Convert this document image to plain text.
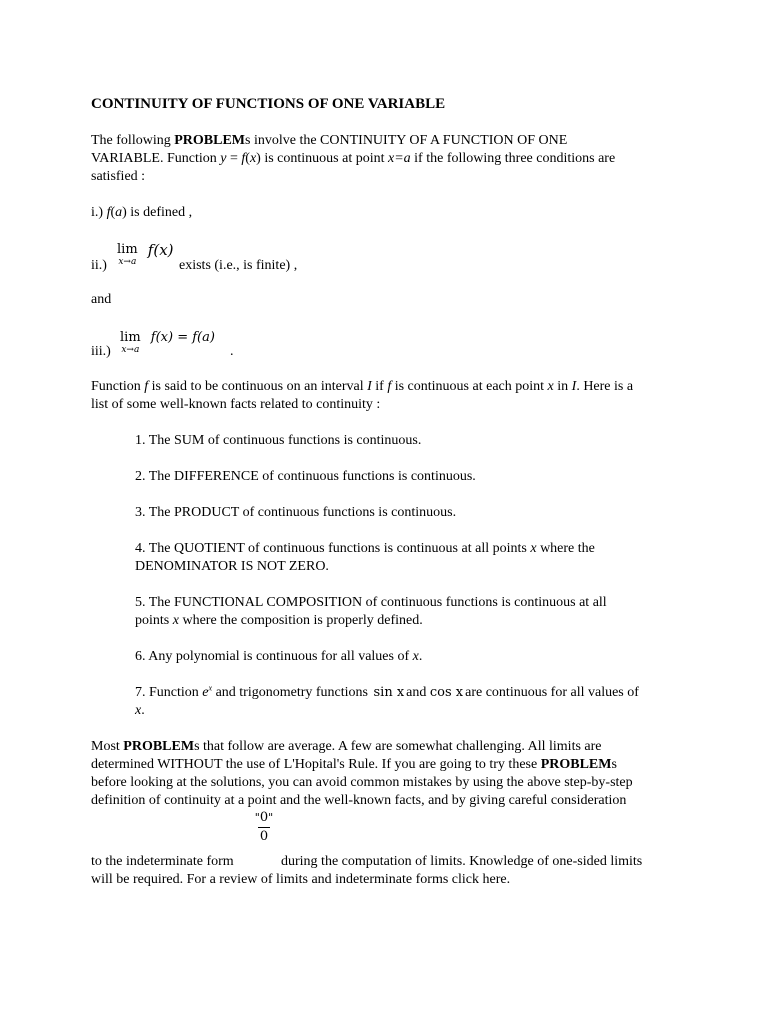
CONTINUITY OF FUNCTIONS OF ONE VARIABLE
The following PROBLEMs involve the CONTINUITY OF A FUNCTION OF ONE
VARIABLE. Function y = f(x) is continuous at point x=a if the following three conditions are
satisfied :
i.) f(a) is defined ,
ii.)
lim
x→a
f(x)
exists (i.e., is finite) ,
and
iii.)
lim
x→a
f(x) = f(a)
.
Function f is said to be continuous on an interval I if f is continuous at each point x in I. Here is a
list of some well-known facts related to continuity :
1. The SUM of continuous functions is continuous.
2. The DIFFERENCE of continuous functions is continuous.
3. The PRODUCT of continuous functions is continuous.
4. The QUOTIENT of continuous functions is continuous at all points x where the
DENOMINATOR IS NOT ZERO.
5. The FUNCTIONAL COMPOSITION of continuous functions is continuous at all
points x where the composition is properly defined.
6. Any polynomial is continuous for all values of x.
7. Function $e^x$ and trigonometry functions sin x and cos x are continuous for all values of
x.
Most PROBLEMs that follow are average. A few are somewhat challenging. All limits are
determined WITHOUT the use of L'Hopital's Rule. If you are going to try these PROBLEMs
before looking at the solutions, you can avoid common mistakes by using the above step-by-step
definition of continuity at a point and the well-known facts, and by giving careful consideration
"0"
0
to the indeterminate form	during the computation of limits. Knowledge of one-sided limits
will be required. For a review of limits and indeterminate forms click here.
